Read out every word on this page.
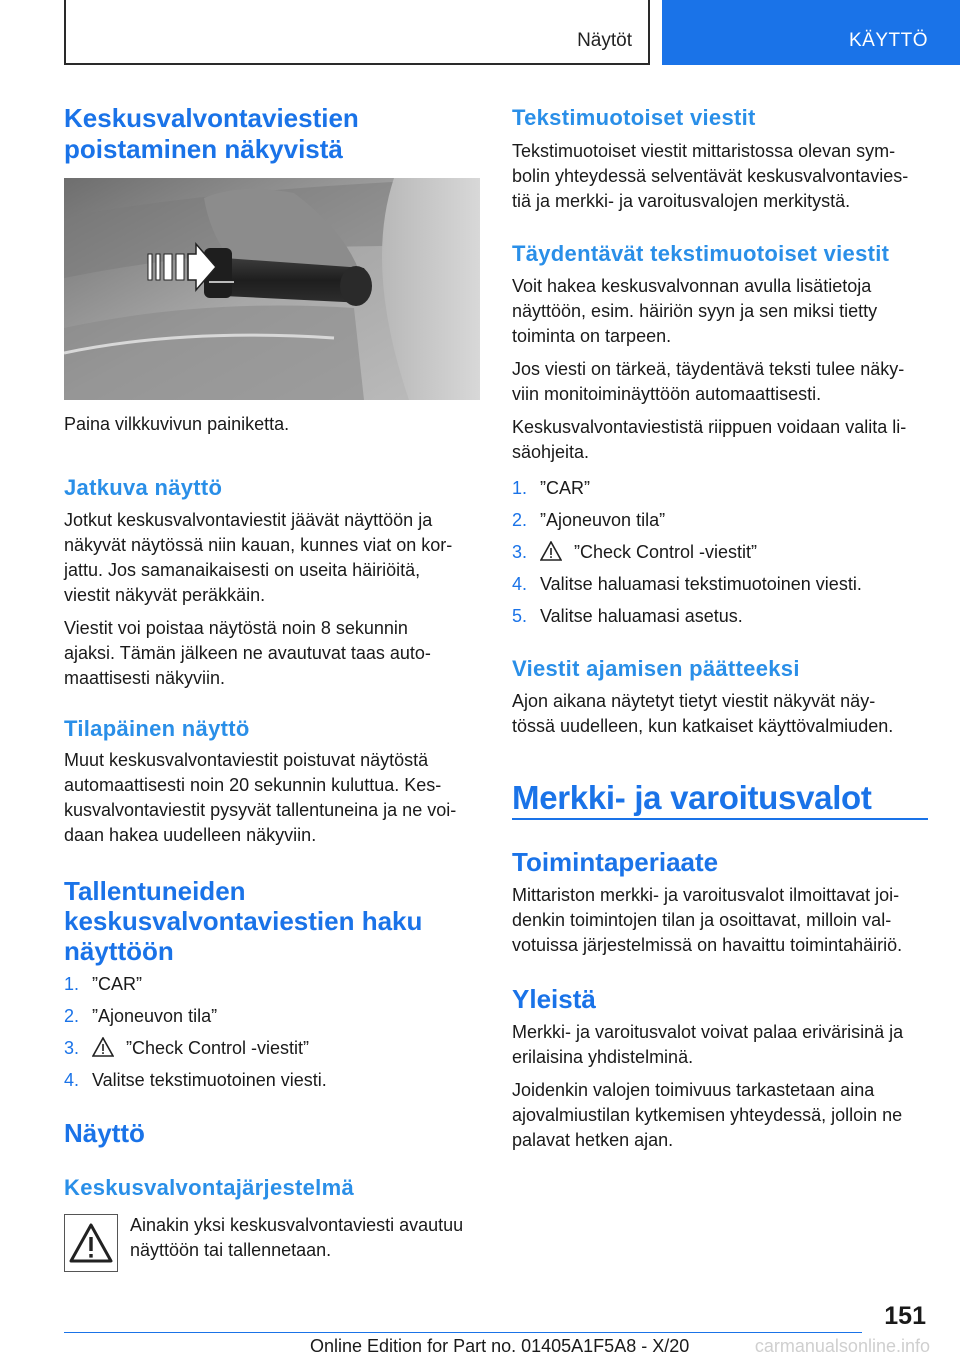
Näytöt	KÄYTTÖ
Keskusvalvontaviestien
poistaminen näkyvistä
Paina vilkkuvivun painiketta.
Jatkuva näyttö
Jotkut keskusvalvontaviestit jäävät näyttöön ja
näkyvät näytössä niin kauan, kunnes viat on kor-
jattu. Jos samanaikaisesti on useita häiriöitä,
viestit näkyvät peräkkäin.
Viestit voi poistaa näytöstä noin 8 sekunnin
ajaksi. Tämän jälkeen ne avautuvat taas auto-
maattisesti näkyviin.
Tilapäinen näyttö
Muut keskusvalvontaviestit poistuvat näytöstä
automaattisesti noin 20 sekunnin kuluttua. Kes-
kusvalvontaviestit pysyvät tallentuneina ja ne voi-
daan hakea uudelleen näkyviin.
Tallentuneiden
keskusvalvontaviestien haku
näyttöön
1. ”CAR”
2. ”Ajoneuvon tila”
3.	”Check Control -viestit”
4. Valitse tekstimuotoinen viesti.
Näyttö
Keskusvalvontajärjestelmä
Ainakin yksi keskusvalvontaviesti avautuu
näyttöön tai tallennetaan.
Tekstimuotoiset viestit
Tekstimuotoiset viestit mittaristossa olevan sym-
bolin yhteydessä selventävät keskusvalvontavies-
tiä ja merkki- ja varoitusvalojen merkitystä.
Täydentävät tekstimuotoiset viestit
Voit hakea keskusvalvonnan avulla lisätietoja
näyttöön, esim. häiriön syyn ja sen miksi tietty
toiminta on tarpeen.
Jos viesti on tärkeä, täydentävä teksti tulee näky-
viin monitoiminäyttöön automaattisesti.
Keskusvalvontaviestistä riippuen voidaan valita li-
säohjeita.
1. ”CAR”
2. ”Ajoneuvon tila”
3.	”Check Control -viestit”
4. Valitse haluamasi tekstimuotoinen viesti.
5. Valitse haluamasi asetus.
Viestit ajamisen päätteeksi
Ajon aikana näytetyt tietyt viestit näkyvät näy-
tössä uudelleen, kun katkaiset käyttövalmiuden.
Merkki- ja varoitusvalot
Toimintaperiaate
Mittariston merkki- ja varoitusvalot ilmoittavat joi-
denkin toimintojen tilan ja osoittavat, milloin val-
votuissa järjestelmissä on havaittu toimintahäiriö.
Yleistä
Merkki- ja varoitusvalot voivat palaa erivärisinä ja
erilaisina yhdistelminä.
Joidenkin valojen toimivuus tarkastetaan aina
ajovalmiustilan kytkemisen yhteydessä, jolloin ne
palavat hetken ajan.
151
Online Edition for Part no. 01405A1F5A8 - X/20	carmanualsonline.info
